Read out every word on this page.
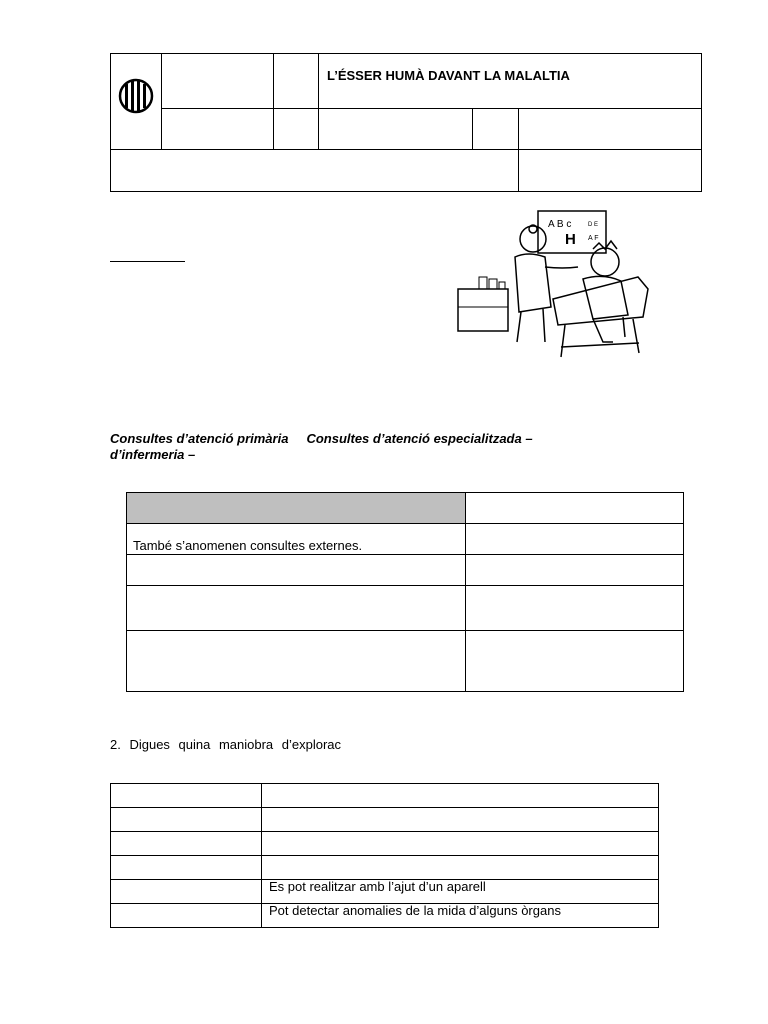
			L’ÉSSER HUMÀ DAVANT LA MALALTIA		

A B c	D E
H A F
Consultes d’atenció primària Consultes d’atenció especialitzada –
d’infermeria –

També s’anomenen consultes externes.	

2. Digues quina maniobra d’explorac

	Es pot realitzar amb l’ajut d’un aparell

	Pot detectar anomalies de la mida d’alguns òrgans
